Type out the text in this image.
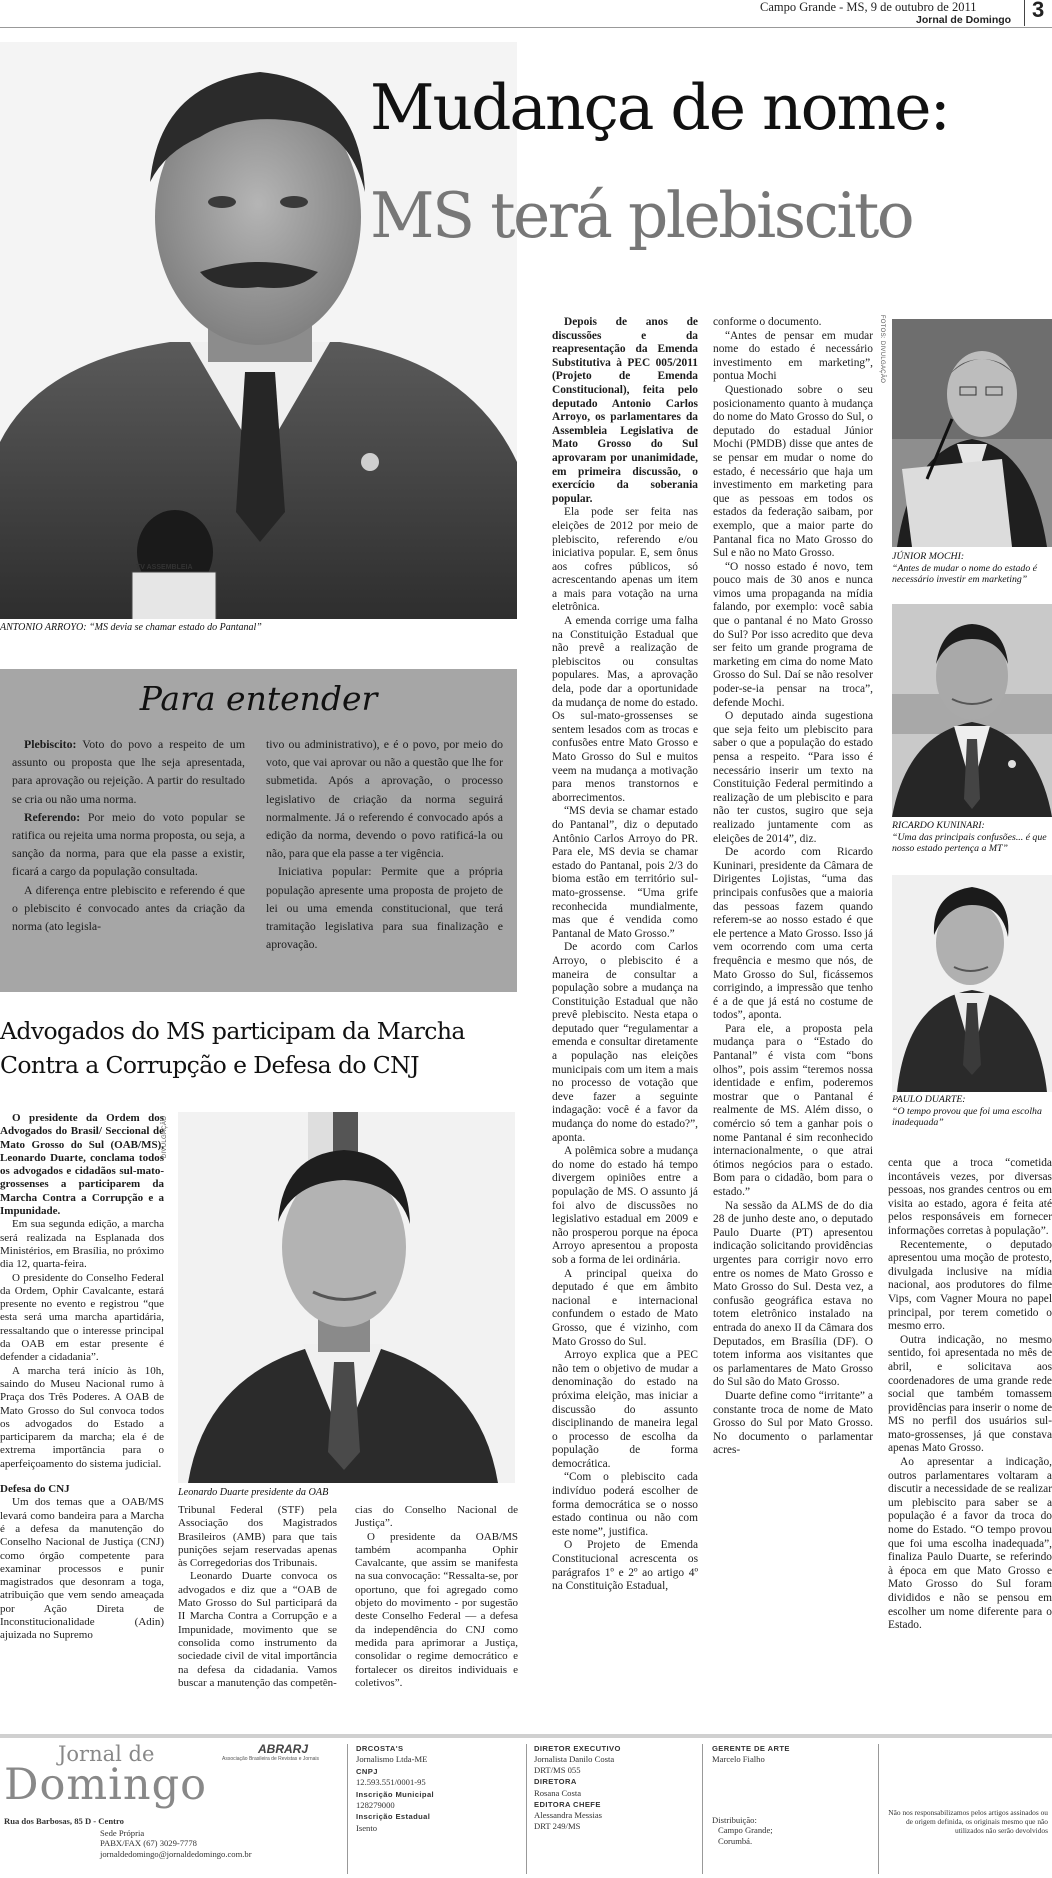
Campo Grande - MS, 9 de outubro de 2011
Jornal de Domingo 3
TV ASSEMBLEIA
ANTONIO ARROYO: “MS devia se chamar estado do Pantanal”
Mudança de nome:
MS terá plebiscito

Depois de anos de discussões e da reapresentação da Emenda Substitutiva à PEC 005/2011 (Projeto de Emenda Constitucional), feita pelo deputado Antonio Carlos Arroyo, os parlamentares da Assembleia Legislativa de Mato Grosso do Sul aprovaram por unanimidade, em primeira discussão, o exercício da soberania popular.

Ela pode ser feita nas eleições de 2012 por meio de plebiscito, referendo e/ou iniciativa popular. E, sem ônus aos cofres públicos, só acrescentando apenas um item a mais para votação na urna eletrônica.

A emenda corrige uma falha na Constituição Estadual que não prevê a realização de plebiscitos ou consultas populares. Mas, a aprovação dela, pode dar a oportunidade da mudança de nome do estado. Os sul-mato-grossenses se sentem lesados com as trocas e confusões entre Mato Grosso e Mato Grosso do Sul e muitos veem na mudança a motivação para menos transtornos e aborrecimentos.

“MS devia se chamar estado do Pantanal”, diz o deputado Antônio Carlos Arroyo do PR. Para ele, MS devia se chamar estado do Pantanal, pois 2/3 do bioma estão em território sul-mato-grossense. “Uma grife reconhecida mundialmente, mas que é vendida como Pantanal de Mato Grosso.”

De acordo com Carlos Arroyo, o plebiscito é a maneira de consultar a população sobre a mudança na Constituição Estadual que não prevê plebiscito. Nesta etapa o deputado quer “regulamentar a emenda e consultar diretamente a população nas eleições municipais com um item a mais no processo de votação que deve fazer a seguinte indagação: você é a favor da mudança do nome do estado?”, aponta.

A polêmica sobre a mudança do nome do estado há tempo divergem opiniões entre a população de MS. O assunto já foi alvo de discussões no legislativo estadual em 2009 e não prosperou porque na época Arroyo apresentou a proposta sob a forma de lei ordinária.

A principal queixa do deputado é que em âmbito nacional e internacional confundem o estado de Mato Grosso, que é vizinho, com Mato Grosso do Sul.

Arroyo explica que a PEC não tem o objetivo de mudar a denominação do estado na próxima eleição, mas iniciar a discussão do assunto disciplinando de maneira legal o processo de escolha da população de forma democrática.

“Com o plebiscito cada indivíduo poderá escolher de forma democrática se o nosso estado continua ou não com este nome”, justifica.

O Projeto de Emenda Constitucional acrescenta os parágrafos 1º e 2º ao artigo 4º na Constituição Estadual,

conforme o documento.

“Antes de pensar em mudar nome do estado é necessário investimento em marketing”, pontua Mochi

Questionado sobre o seu posicionamento quanto à mudança do nome do Mato Grosso do Sul, o deputado do estadual Júnior Mochi (PMDB) disse que antes de se pensar em mudar o nome do estado, é necessário que haja um investimento em marketing para que as pessoas em todos os estados da federação saibam, por exemplo, que a maior parte do Pantanal fica no Mato Grosso do Sul e não no Mato Grosso.

“O nosso estado é novo, tem pouco mais de 30 anos e nunca vimos uma propaganda na mídia falando, por exemplo: você sabia que o pantanal é no Mato Grosso do Sul? Por isso acredito que deva ser feito um grande programa de marketing em cima do nome Mato Grosso do Sul. Daí se não resolver poder-se-ia pensar na troca”, defende Mochi.

O deputado ainda sugestiona que seja feito um plebiscito para saber o que a população do estado pensa a respeito. “Para isso é necessário inserir um texto na Constituição Federal permitindo a realização de um plebiscito e para não ter custos, sugiro que seja realizado juntamente com as eleições de 2014”, diz.

De acordo com Ricardo Kuninari, presidente da Câmara de Dirigentes Lojistas, “uma das principais confusões que a maioria das pessoas fazem quando referem-se ao nosso estado é que ele pertence a Mato Grosso. Isso já vem ocorrendo com uma certa frequência e mesmo que nós, de Mato Grosso do Sul, ficássemos corrigindo, a impressão que tenho é a de que já está no costume de todos”, aponta.

Para ele, a proposta pela mudança para o “Estado do Pantanal” é vista com “bons olhos”, pois assim “teremos nossa identidade e enfim, poderemos mostrar que o Pantanal é realmente de MS. Além disso, o comércio só tem a ganhar pois o nome Pantanal é sim reconhecido internacionalmente, o que atrai ótimos negócios para o estado. Bom para o cidadão, bom para o estado.”

Na sessão da ALMS de do dia 28 de junho deste ano, o deputado Paulo Duarte (PT) apresentou indicação solicitando providências urgentes para corrigir novo erro entre os nomes de Mato Grosso e Mato Grosso do Sul. Desta vez, a confusão geográfica estava no totem eletrônico instalado na entrada do anexo II da Câmara dos Deputados, em Brasília (DF). O totem informa aos visitantes que os parlamentares de Mato Grosso do Sul são do Mato Grosso.

Duarte define como “irritante” a constante troca de nome de Mato Grosso do Sul por Mato Grosso. No documento o parlamentar acres-

FOTOS: DIVULGAÇÃO
JÚNIOR MOCHI:
“Antes de mudar o nome do estado é necessário investir em marketing”
RICARDO KUNINARI:
“Uma das principais confusões... é que nosso estado pertença a MT”
PAULO DUARTE:
“O tempo provou que foi uma escolha inadequada”

centa que a troca “cometida incontáveis vezes, por diversas pessoas, nos grandes centros ou em visita ao estado, agora é feita até pelos responsáveis em fornecer informações corretas à população”.

Recentemente, o deputado apresentou uma moção de protesto, divulgada inclusive na mídia nacional, aos produtores do filme Vips, com Vagner Moura no papel principal, por terem cometido o mesmo erro.

Outra indicação, no mesmo sentido, foi apresentada no mês de abril, e solicitava aos coordenadores de uma grande rede social que também tomassem providências para inserir o nome de MS no perfil dos usuários sul-mato-grossenses, já que constava apenas Mato Grosso.

Ao apresentar a indicação, outros parlamentares voltaram a discutir a necessidade de se realizar um plebiscito para saber se a população é a favor da troca do nome do Estado. “O tempo provou que foi uma escolha inadequada”, finaliza Paulo Duarte, se referindo à época em que Mato Grosso e Mato Grosso do Sul foram divididos e não se pensou em escolher um nome diferente para o Estado.

Para entender

Plebiscito: Voto do povo a respeito de um assunto ou proposta que lhe seja apresentada, para aprovação ou rejeição. A partir do resultado se cria ou não uma norma.

Referendo: Por meio do voto popular se ratifica ou rejeita uma norma proposta, ou seja, a sanção da norma, para que ela passe a existir, ficará a cargo da população consultada.

A diferença entre plebiscito e referendo é que o plebiscito é convocado antes da criação da norma (ato legisla-

tivo ou administrativo), e é o povo, por meio do voto, que vai aprovar ou não a questão que lhe for submetida. Após a aprovação, o processo legislativo de criação da norma seguirá normalmente. Já o referendo é convocado após a edição da norma, devendo o povo ratificá-la ou não, para que ela passe a ter vigência.

Iniciativa popular: Permite que a própria população apresente uma proposta de projeto de lei ou uma emenda constitucional, que terá tramitação legislativa para sua finalização e aprovação.

Advogados do MS participam da Marcha Contra a Corrupção e Defesa do CNJ

O presidente da Ordem dos Advogados do Brasil/ Seccional de Mato Grosso do Sul (OAB/MS), Leonardo Duarte, conclama todos os advogados e cidadãos sul-mato-grossenses a participarem da Marcha Contra a Corrupção e a Impunidade.

Em sua segunda edição, a marcha será realizada na Esplanada dos Ministérios, em Brasília, no próximo dia 12, quarta-feira.

O presidente do Conselho Federal da Ordem, Ophir Cavalcante, estará presente no evento e registrou “que esta será uma marcha apartidária, ressaltando que o interesse principal da OAB em estar presente é defender a cidadania”.

A marcha terá início às 10h, saindo do Museu Nacional rumo à Praça dos Três Poderes. A OAB de Mato Grosso do Sul convoca todos os advogados do Estado a participarem da marcha; ela é de extrema importância para o aperfeiçoamento do sistema judicial.

Defesa do CNJ

Um dos temas que a OAB/MS levará como bandeira para a Marcha é a defesa da manutenção do Conselho Nacional de Justiça (CNJ) como órgão competente para examinar processos e punir magistrados que desonram a toga, atribuição que vem sendo ameaçada por Ação Direta de Inconstitucionalidade (Adin) ajuizada no Supremo

DIVULGAÇÃO
Leonardo Duarte presidente da OAB

Tribunal Federal (STF) pela Associação dos Magistrados Brasileiros (AMB) para que tais punições sejam reservadas apenas às Corregedorias dos Tribunais.

Leonardo Duarte convoca os advogados e diz que a “OAB de Mato Grosso do Sul participará da II Marcha Contra a Corrupção e a Impunidade, movimento que se consolida como instrumento da sociedade civil de vital importância na defesa da cidadania. Vamos buscar a manutenção das competên-

cias do Conselho Nacional de Justiça”.

O presidente da OAB/MS também acompanha Ophir Cavalcante, que assim se manifesta na sua convocação: “Ressalta-se, por oportuno, que foi agregado como objeto do movimento - por sugestão deste Conselho Federal — a defesa da independência do CNJ como medida para aprimorar a Justiça, consolidar o regime democrático e fortalecer os direitos individuais e coletivos”.

Jornal de
Domingo
ABRARJ
Associação Brasileira de Revistas e Jornais
Rua dos Barbosas, 85 D - Centro
Sede Própria
PABX/FAX (67) 3029-7778
jornaldedomingo@jornaldedomingo.com.br
DRCOSTA'S
Jornalismo Ltda-ME
CNPJ
12.593.551/0001-95
Inscrição Municipal
128279000
Inscrição Estadual
Isento
DIRETOR EXECUTIVO
Jornalista Danilo Costa
DRT/MS 055
DIRETORA
Rosana Costa
EDITORA CHEFE
Alessandra Messias
DRT 249/MS
GERENTE DE ARTE
Marcelo Fialho
Distribuição:
Campo Grande;
Corumbá.
Não nos responsabilizamos pelos artigos assinados ou de origem definida, os originais mesmo que não utilizados não serão devolvidos
